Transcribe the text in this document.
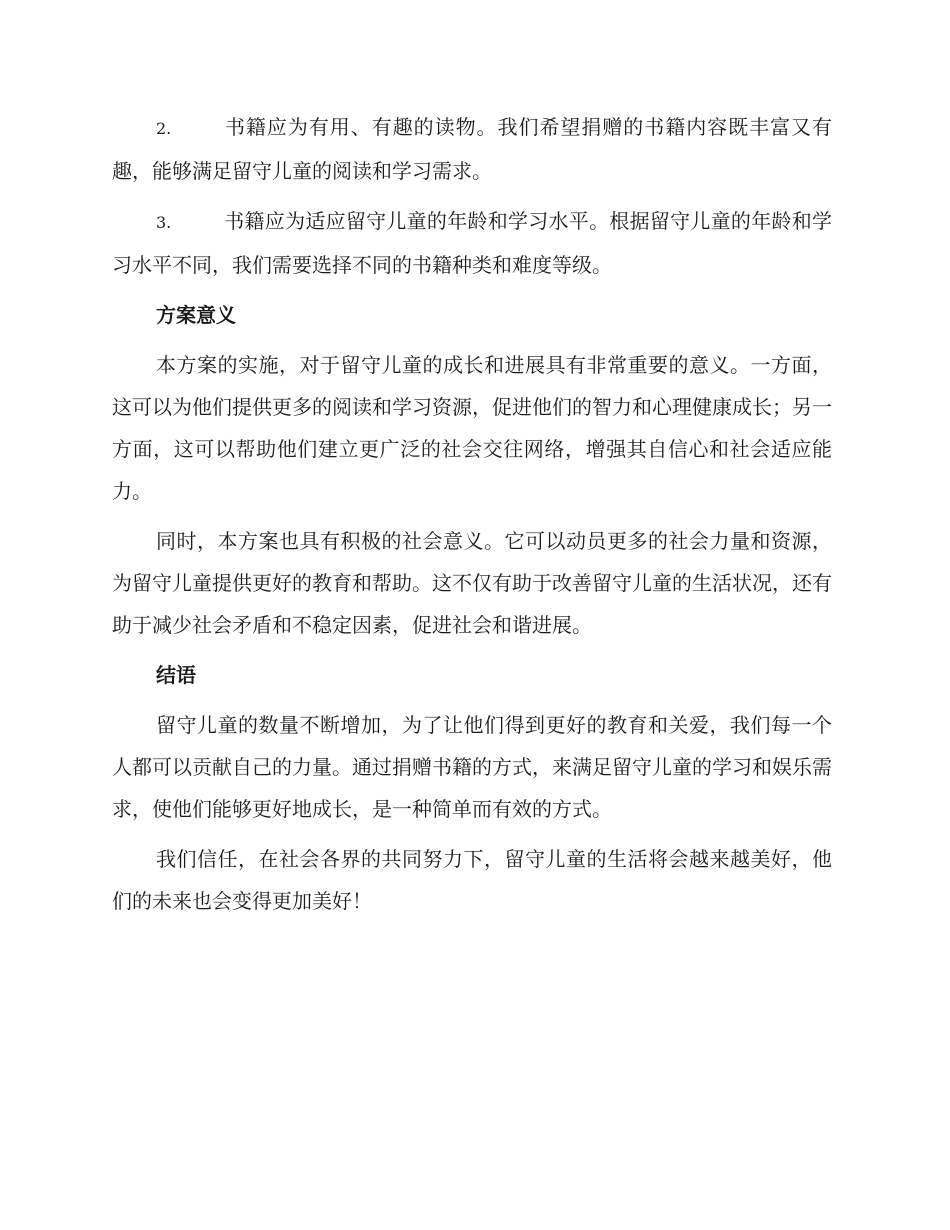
2.	书籍应为有用、有趣的读物。我们希望捐赠的书籍内容既丰富又有趣，能够满足留守儿童的阅读和学习需求。

3.	书籍应为适应留守儿童的年龄和学习水平。根据留守儿童的年龄和学习水平不同，我们需要选择不同的书籍种类和难度等级。

方案意义

本方案的实施，对于留守儿童的成长和进展具有非常重要的意义。一方面，这可以为他们提供更多的阅读和学习资源，促进他们的智力和心理健康成长；另一方面，这可以帮助他们建立更广泛的社会交往网络，增强其自信心和社会适应能力。

同时，本方案也具有积极的社会意义。它可以动员更多的社会力量和资源，为留守儿童提供更好的教育和帮助。这不仅有助于改善留守儿童的生活状况，还有助于减少社会矛盾和不稳定因素，促进社会和谐进展。

结语

留守儿童的数量不断增加，为了让他们得到更好的教育和关爱，我们每一个人都可以贡献自己的力量。通过捐赠书籍的方式，来满足留守儿童的学习和娱乐需求，使他们能够更好地成长，是一种简单而有效的方式。

我们信任，在社会各界的共同努力下，留守儿童的生活将会越来越美好，他们的未来也会变得更加美好！
